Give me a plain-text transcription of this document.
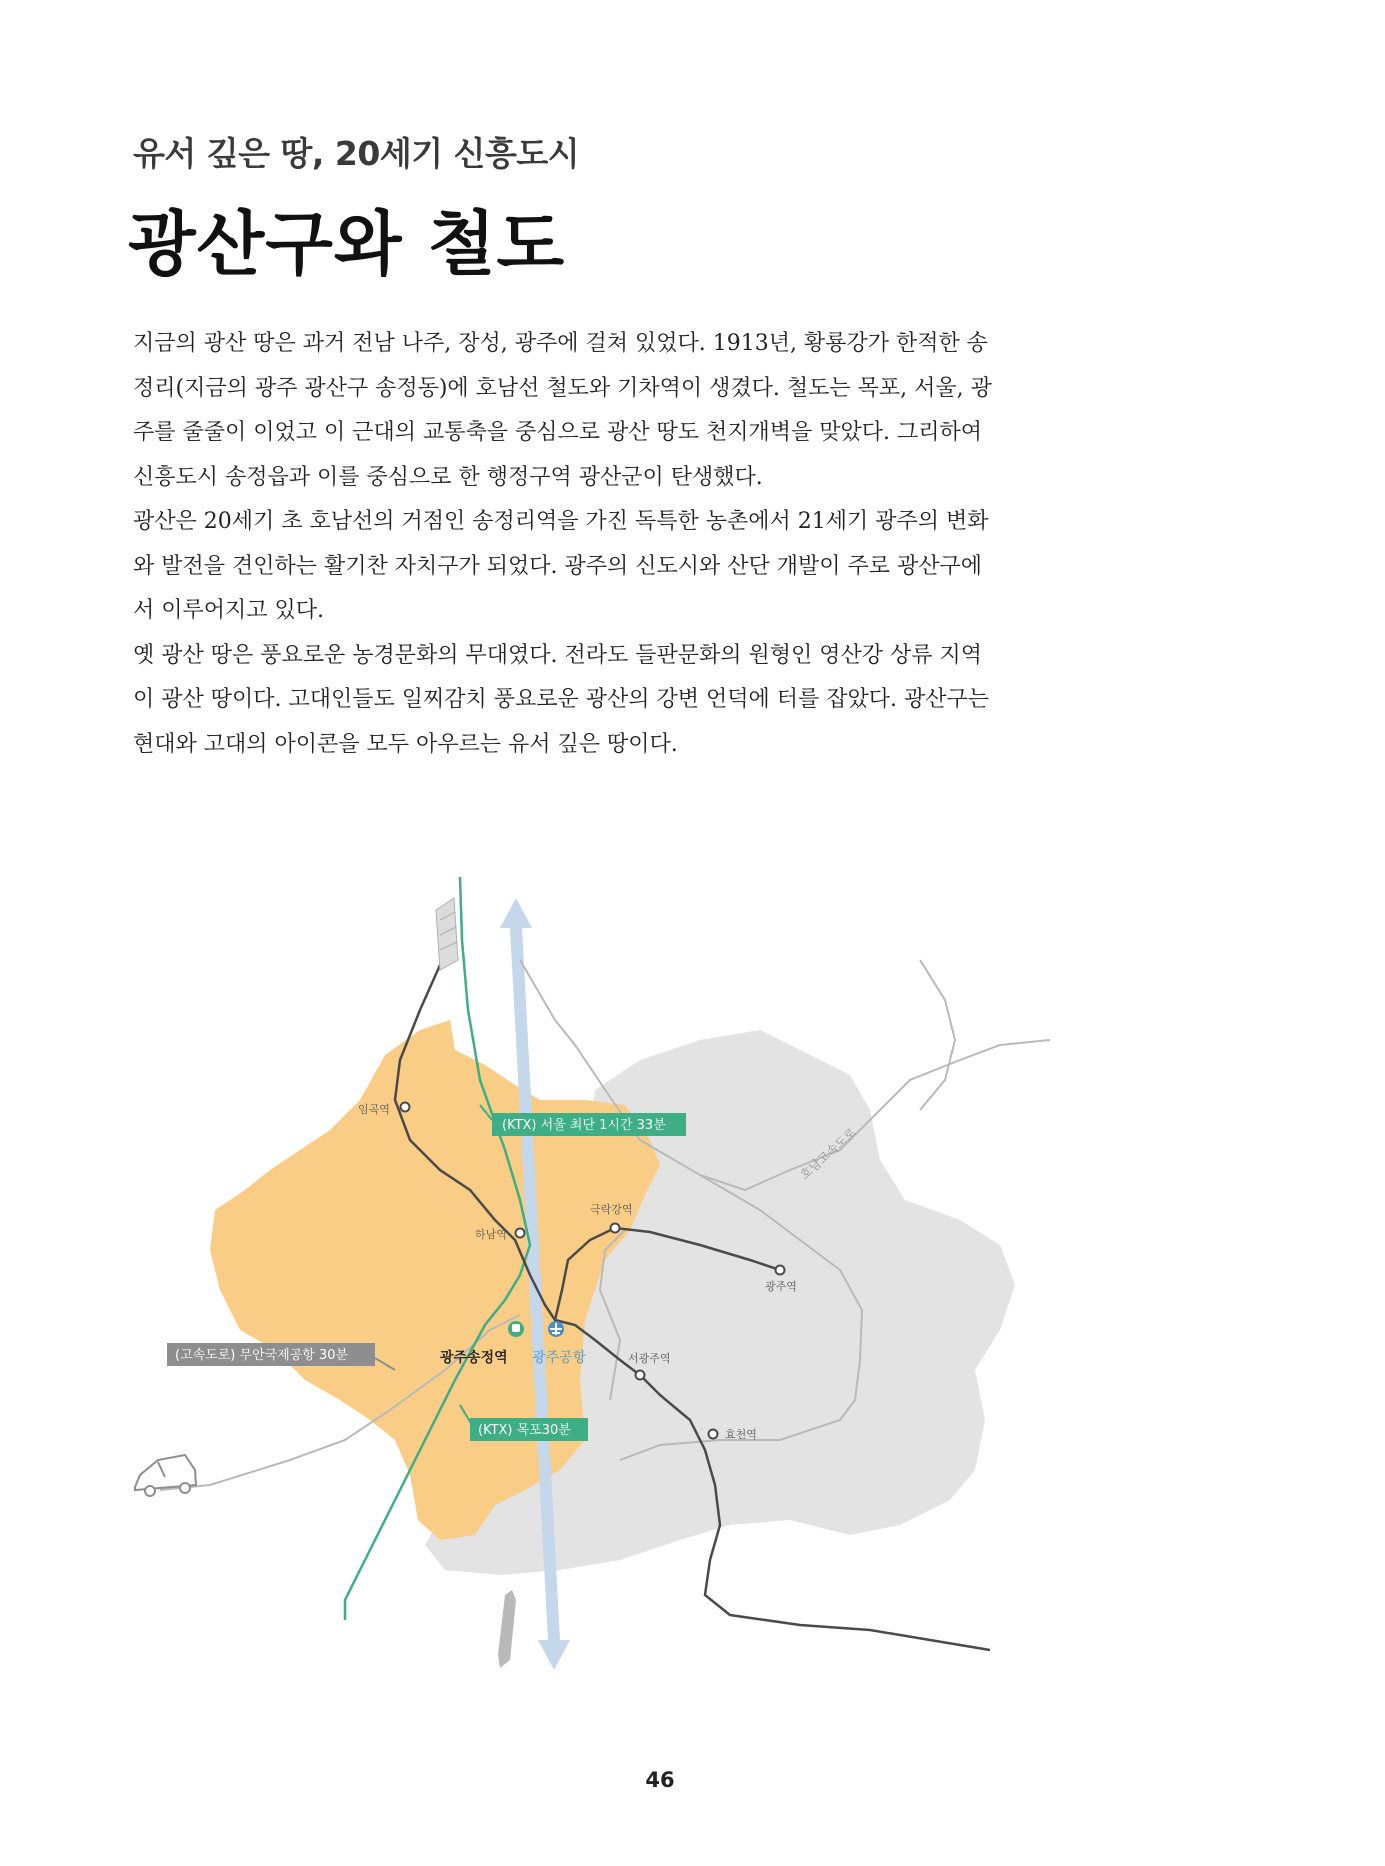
유서 깊은 땅, 20세기 신흥도시
광산구와 철도

지금의 광산 땅은 과거 전남 나주, 장성, 광주에 걸쳐 있었다. 1913년, 황룡강가 한적한 송정리(지금의 광주 광산구 송정동)에 호남선 철도와 기차역이 생겼다. 철도는 목포, 서울, 광주를 줄줄이 이었고 이 근대의 교통축을 중심으로 광산 땅도 천지개벽을 맞았다. 그리하여 신흥도시 송정읍과 이를 중심으로 한 행정구역 광산군이 탄생했다.

광산은 20세기 초 호남선의 거점인 송정리역을 가진 독특한 농촌에서 21세기 광주의 변화와 발전을 견인하는 활기찬 자치구가 되었다. 광주의 신도시와 산단 개발이 주로 광산구에서 이루어지고 있다.

옛 광산 땅은 풍요로운 농경문화의 무대였다. 전라도 들판문화의 원형인 영산강 상류 지역이 광산 땅이다. 고대인들도 일찌감치 풍요로운 광산의 강변 언덕에 터를 잡았다. 광산구는 현대와 고대의 아이콘을 모두 아우르는 유서 깊은 땅이다.

임곡역
하남역
극락강역
광주역
서광주역
효천역
광주송정역 광주공항
(KTX) 서울 최단 1시간 33분
(KTX) 목포30분
(고속도로) 무안국제공항 30분
호남고속도로
46
